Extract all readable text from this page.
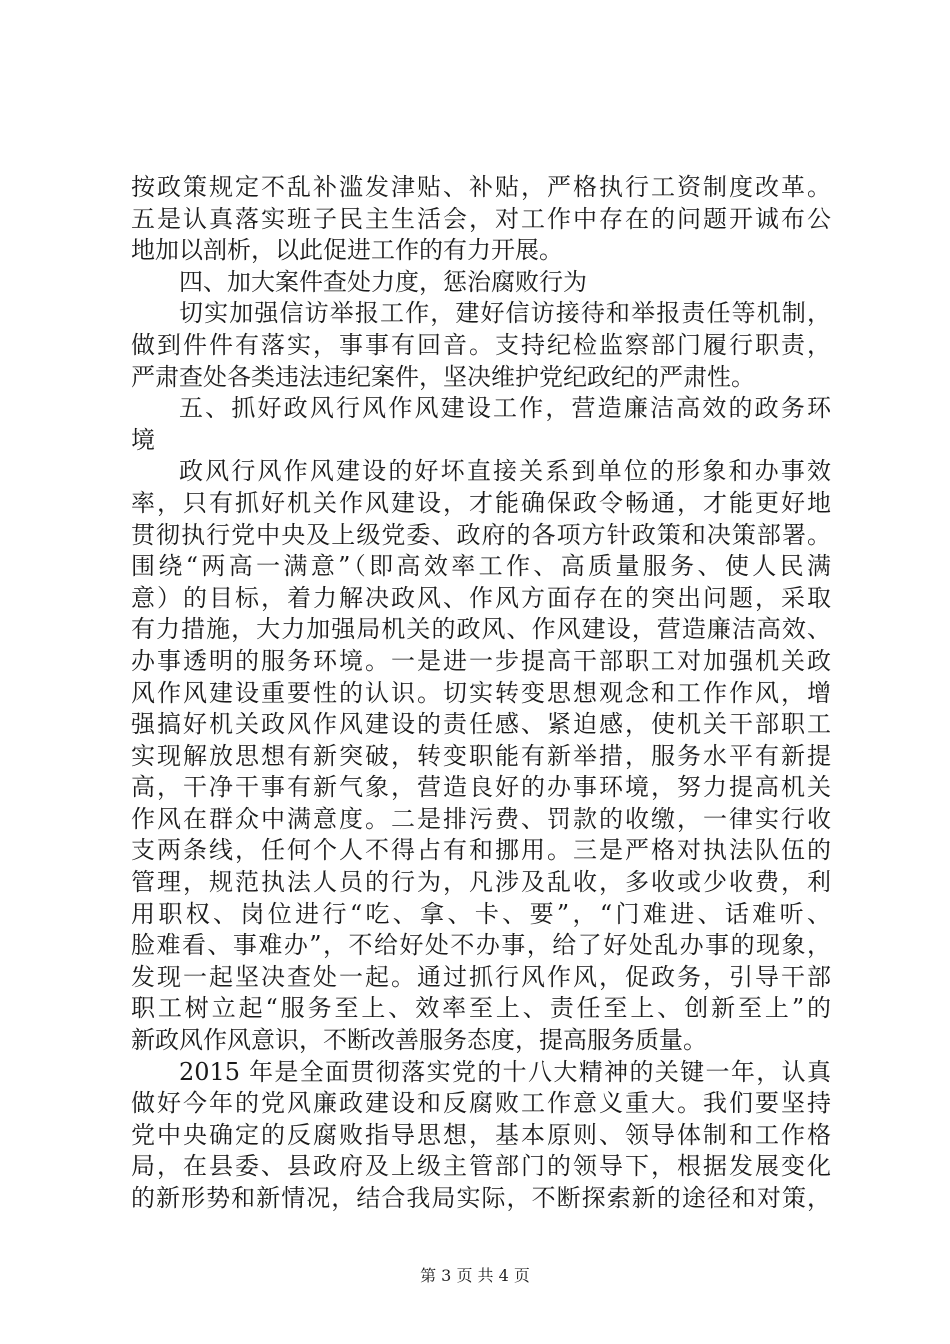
按政策规定不乱补滥发津贴、补贴，严格执行工资制度改革。
五是认真落实班子民主生活会，对工作中存在的问题开诚布公
地加以剖析，以此促进工作的有力开展。
四、加大案件查处力度，惩治腐败行为
切实加强信访举报工作，建好信访接待和举报责任等机制，
做到件件有落实，事事有回音。支持纪检监察部门履行职责，
严肃查处各类违法违纪案件，坚决维护党纪政纪的严肃性。
五、抓好政风行风作风建设工作，营造廉洁高效的政务环
境
政风行风作风建设的好坏直接关系到单位的形象和办事效
率，只有抓好机关作风建设，才能确保政令畅通，才能更好地
贯彻执行党中央及上级党委、政府的各项方针政策和决策部署。
围绕“两高一满意”（即高效率工作、高质量服务、使人民满
意）的目标，着力解决政风、作风方面存在的突出问题，采取
有力措施，大力加强局机关的政风、作风建设，营造廉洁高效、
办事透明的服务环境。一是进一步提高干部职工对加强机关政
风作风建设重要性的认识。切实转变思想观念和工作作风，增
强搞好机关政风作风建设的责任感、紧迫感，使机关干部职工
实现解放思想有新突破，转变职能有新举措，服务水平有新提
高，干净干事有新气象，营造良好的办事环境，努力提高机关
作风在群众中满意度。二是排污费、罚款的收缴，一律实行收
支两条线，任何个人不得占有和挪用。三是严格对执法队伍的
管理，规范执法人员的行为，凡涉及乱收，多收或少收费，利
用职权、岗位进行“吃、拿、卡、要”，“门难进、话难听、
脸难看、事难办”，不给好处不办事，给了好处乱办事的现象，
发现一起坚决查处一起。通过抓行风作风，促政务，引导干部
职工树立起“服务至上、效率至上、责任至上、创新至上”的
新政风作风意识，不断改善服务态度，提高服务质量。
2015 年是全面贯彻落实党的十八大精神的关键一年，认真
做好今年的党风廉政建设和反腐败工作意义重大。我们要坚持
党中央确定的反腐败指导思想，基本原则、领导体制和工作格
局，在县委、县政府及上级主管部门的领导下，根据发展变化
的新形势和新情况，结合我局实际，不断探索新的途径和对策，
第 3 页 共 4 页
